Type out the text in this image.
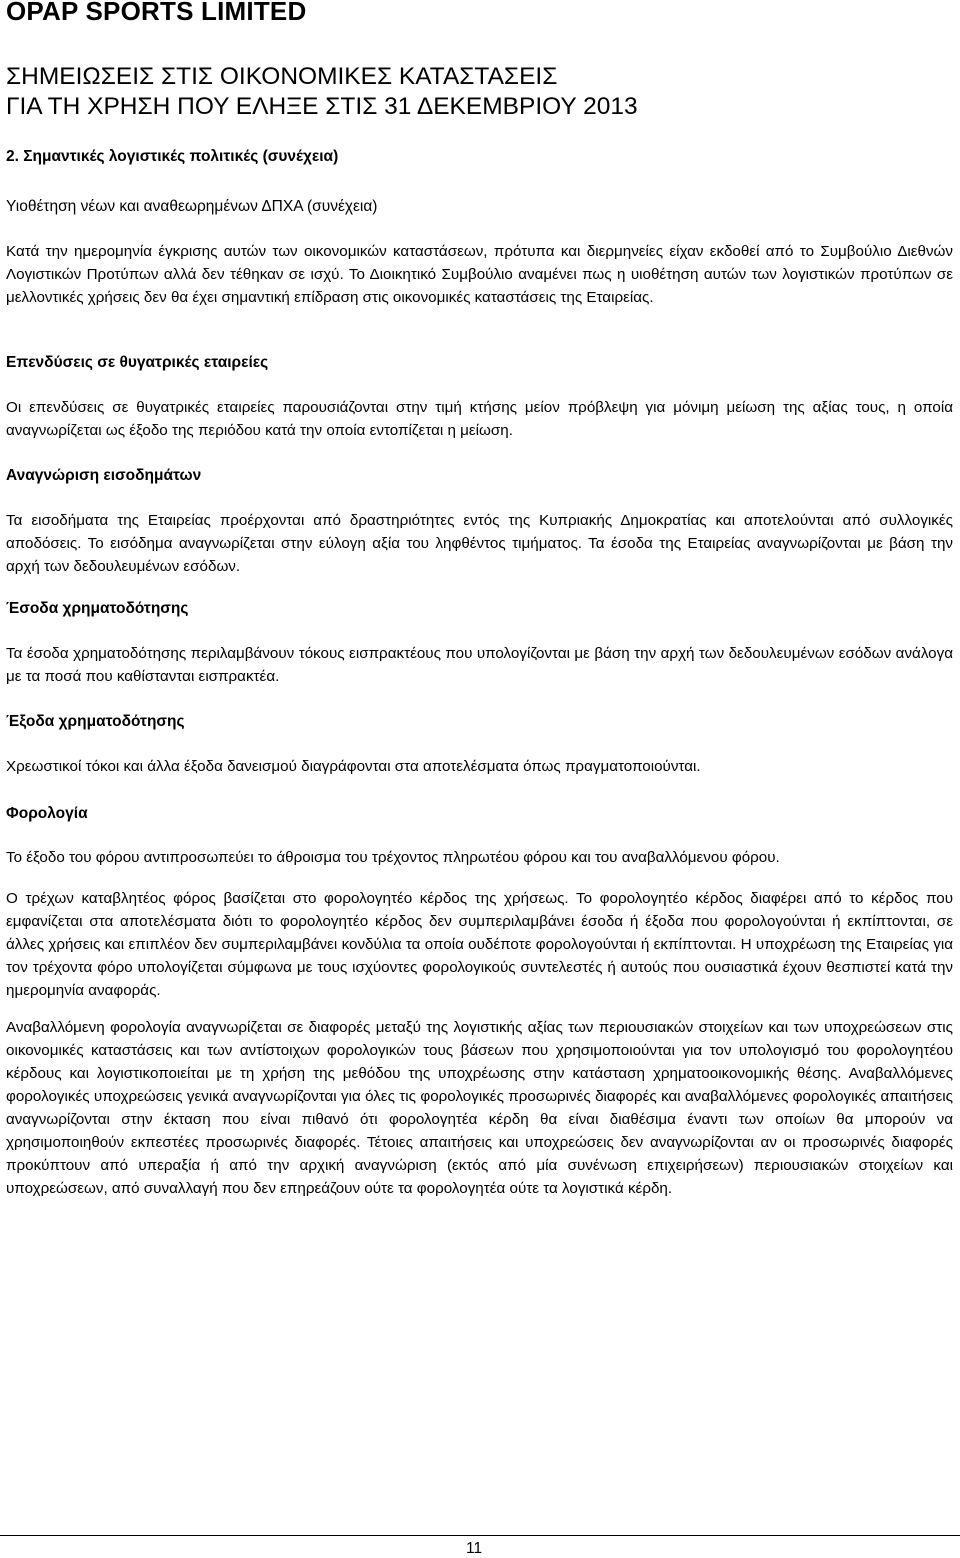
OPAP SPORTS LIMITED
ΣΗΜΕΙΩΣΕΙΣ ΣΤΙΣ ΟΙΚΟΝΟΜΙΚΕΣ ΚΑΤΑΣΤΑΣΕΙΣ
ΓΙΑ ΤΗ ΧΡΗΣΗ ΠΟΥ ΕΛΗΞΕ ΣΤΙΣ 31 ΔΕΚΕΜΒΡΙΟΥ 2013
2. Σημαντικές λογιστικές πολιτικές (συνέχεια)
Υιοθέτηση νέων και αναθεωρημένων ΔΠΧΑ (συνέχεια)

Κατά την ημερομηνία έγκρισης αυτών των οικονομικών καταστάσεων, πρότυπα και διερμηνείες είχαν εκδοθεί από το Συμβούλιο Διεθνών Λογιστικών Προτύπων αλλά δεν τέθηκαν σε ισχύ. Το Διοικητικό Συμβούλιο αναμένει πως η υιοθέτηση αυτών των λογιστικών προτύπων σε μελλοντικές χρήσεις δεν θα έχει σημαντική επίδραση στις οικονομικές καταστάσεις της Εταιρείας.

Επενδύσεις σε θυγατρικές εταιρείες

Οι επενδύσεις σε θυγατρικές εταιρείες παρουσιάζονται στην τιμή κτήσης μείον πρόβλεψη για μόνιμη μείωση της αξίας τους, η οποία αναγνωρίζεται ως έξοδο της περιόδου κατά την οποία εντοπίζεται η μείωση.

Αναγνώριση εισοδημάτων

Τα εισοδήματα της Εταιρείας προέρχονται από δραστηριότητες εντός της Κυπριακής Δημοκρατίας και αποτελούνται από συλλογικές αποδόσεις. Το εισόδημα αναγνωρίζεται στην εύλογη αξία του ληφθέντος τιμήματος. Τα έσοδα της Εταιρείας αναγνωρίζονται με βάση την αρχή των δεδουλευμένων εσόδων.

Έσοδα χρηματοδότησης

Τα έσοδα χρηματοδότησης περιλαμβάνουν τόκους εισπρακτέους που υπολογίζονται με βάση την αρχή των δεδουλευμένων εσόδων ανάλογα με τα ποσά που καθίστανται εισπρακτέα.

Έξοδα χρηματοδότησης

Χρεωστικοί τόκοι και άλλα έξοδα δανεισμού διαγράφονται στα αποτελέσματα όπως πραγματοποιούνται.

Φορολογία

Το έξοδο του φόρου αντιπροσωπεύει το άθροισμα του τρέχοντος πληρωτέου φόρου και του αναβαλλόμενου φόρου.

Ο τρέχων καταβλητέος φόρος βασίζεται στο φορολογητέο κέρδος της χρήσεως. Το φορολογητέο κέρδος διαφέρει από το κέρδος που εμφανίζεται στα αποτελέσματα διότι το φορολογητέο κέρδος δεν συμπεριλαμβάνει έσοδα ή έξοδα που φορολογούνται ή εκπίπτονται, σε άλλες χρήσεις και επιπλέον δεν συμπεριλαμβάνει κονδύλια τα οποία ουδέποτε φορολογούνται ή εκπίπτονται. Η υποχρέωση της Εταιρείας για τον τρέχοντα φόρο υπολογίζεται σύμφωνα με τους ισχύοντες φορολογικούς συντελεστές ή αυτούς που ουσιαστικά έχουν θεσπιστεί κατά την ημερομηνία αναφοράς.

Αναβαλλόμενη φορολογία αναγνωρίζεται σε διαφορές μεταξύ της λογιστικής αξίας των περιουσιακών στοιχείων και των υποχρεώσεων στις οικονομικές καταστάσεις και των αντίστοιχων φορολογικών τους βάσεων που χρησιμοποιούνται για τον υπολογισμό του φορολογητέου κέρδους και λογιστικοποιείται με τη χρήση της μεθόδου της υποχρέωσης στην κατάσταση χρηματοοικονομικής θέσης. Αναβαλλόμενες φορολογικές υποχρεώσεις γενικά αναγνωρίζονται για όλες τις φορολογικές προσωρινές διαφορές και αναβαλλόμενες φορολογικές απαιτήσεις αναγνωρίζονται στην έκταση που είναι πιθανό ότι φορολογητέα κέρδη θα είναι διαθέσιμα έναντι των οποίων θα μπορούν να χρησιμοποιηθούν εκπεστέες προσωρινές διαφορές. Τέτοιες απαιτήσεις και υποχρεώσεις δεν αναγνωρίζονται αν οι προσωρινές διαφορές προκύπτουν από υπεραξία ή από την αρχική αναγνώριση (εκτός από μία συνένωση επιχειρήσεων) περιουσιακών στοιχείων και υποχρεώσεων, από συναλλαγή που δεν επηρεάζουν ούτε τα φορολογητέα ούτε τα λογιστικά κέρδη.

11
